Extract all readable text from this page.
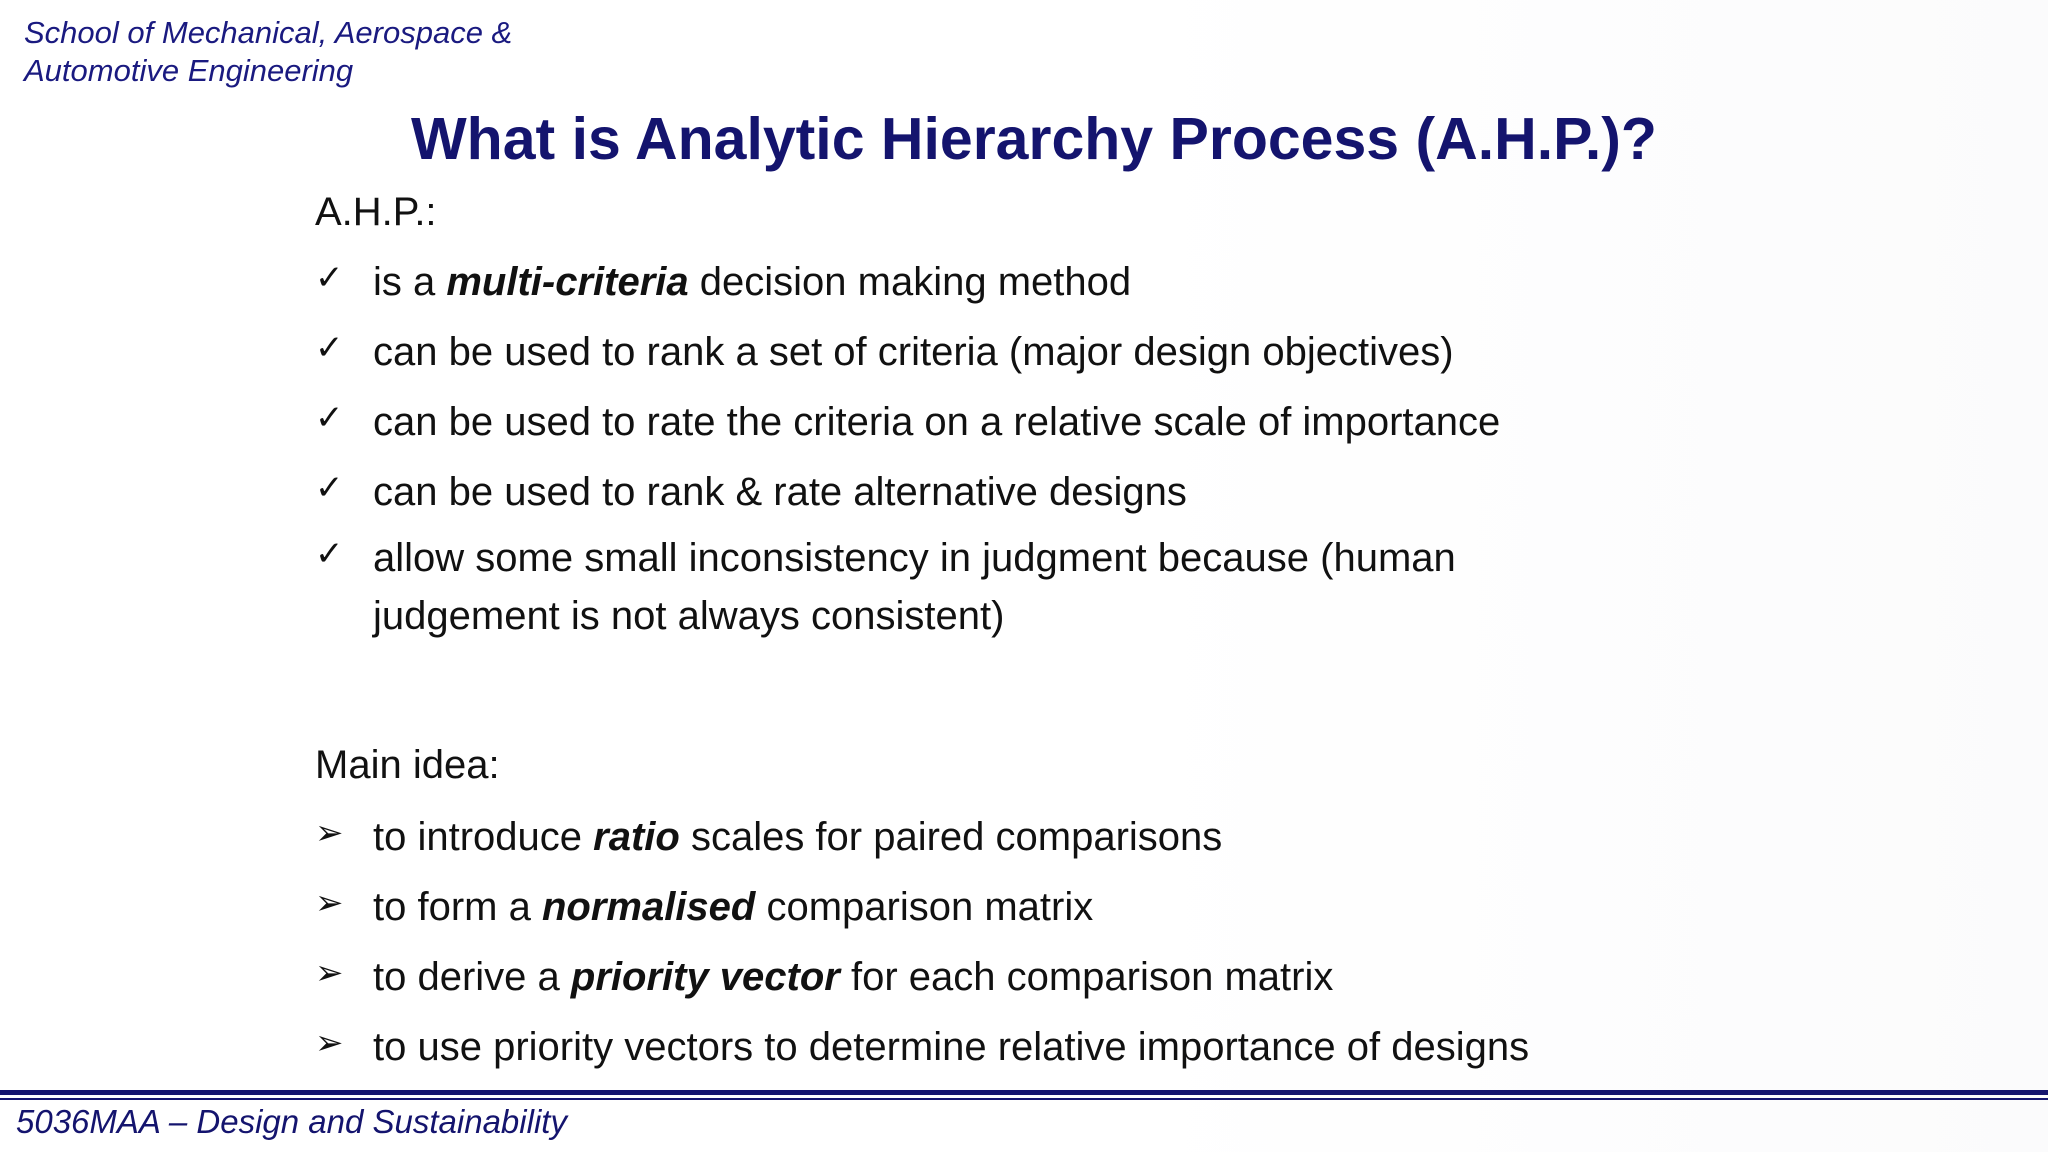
School of Mechanical, Aerospace &
Automotive Engineering
What is Analytic Hierarchy Process (A.H.P.)?
A.H.P.:
✓ is a multi-criteria decision making method
✓ can be used to rank a set of criteria (major design objectives)
✓ can be used to rate the criteria on a relative scale of importance
✓ can be used to rank & rate alternative designs
✓ allow some small inconsistency in judgment because (human judgement is not always consistent)
Main idea:
➢ to introduce ratio scales for paired comparisons
➢ to form a normalised comparison matrix
➢ to derive a priority vector for each comparison matrix
➢ to use priority vectors to determine relative importance of designs
5036MAA – Design and Sustainability
